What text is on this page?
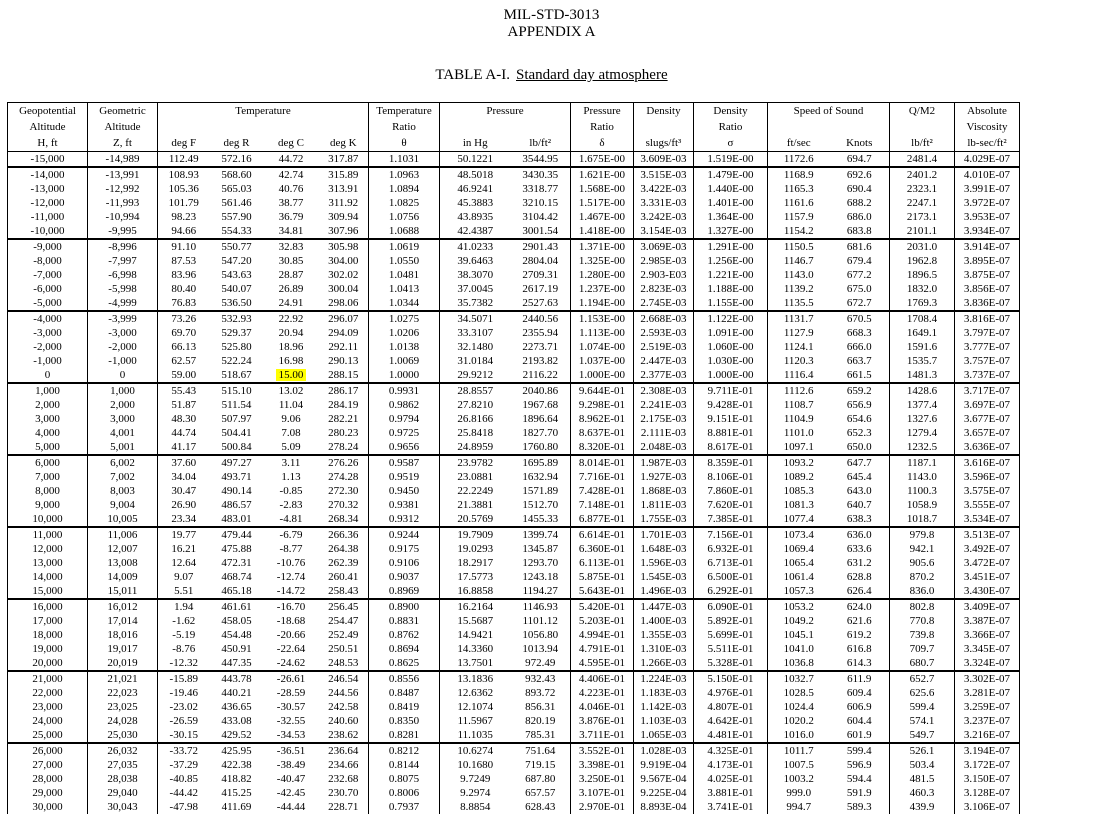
MIL-STD-3013
APPENDIX A
TABLE A-I. Standard day atmosphere
Geopotential	Geometric	Temperature				Temperature	Pressure		Pressure	Density	Density	Speed of Sound		Q/M2	Absolute

Altitude	Altitude					Ratio			Ratio		Ratio				Viscosity
H, ft	Z, ft	deg F	deg R	deg C	deg K	θ	in Hg	lb/ft²	δ	slugs/ft³	σ	ft/sec	Knots	lb/ft²	lb-sec/ft²
-15,000	-14,989	112.49	572.16	44.72	317.87	1.1031	50.1221	3544.95	1.675E-00	3.609E-03	1.519E-00	1172.6	694.7	2481.4	4.029E-07
-14,000	-13,991	108.93	568.60	42.74	315.89	1.0963	48.5018	3430.35	1.621E-00	3.515E-03	1.479E-00	1168.9	692.6	2401.2	4.010E-07
-13,000	-12,992	105.36	565.03	40.76	313.91	1.0894	46.9241	3318.77	1.568E-00	3.422E-03	1.440E-00	1165.3	690.4	2323.1	3.991E-07
-12,000	-11,993	101.79	561.46	38.77	311.92	1.0825	45.3883	3210.15	1.517E-00	3.331E-03	1.401E-00	1161.6	688.2	2247.1	3.972E-07
-11,000	-10,994	98.23	557.90	36.79	309.94	1.0756	43.8935	3104.42	1.467E-00	3.242E-03	1.364E-00	1157.9	686.0	2173.1	3.953E-07
-10,000	-9,995	94.66	554.33	34.81	307.96	1.0688	42.4387	3001.54	1.418E-00	3.154E-03	1.327E-00	1154.2	683.8	2101.1	3.934E-07
-9,000	-8,996	91.10	550.77	32.83	305.98	1.0619	41.0233	2901.43	1.371E-00	3.069E-03	1.291E-00	1150.5	681.6	2031.0	3.914E-07
-8,000	-7,997	87.53	547.20	30.85	304.00	1.0550	39.6463	2804.04	1.325E-00	2.985E-03	1.256E-00	1146.7	679.4	1962.8	3.895E-07
-7,000	-6,998	83.96	543.63	28.87	302.02	1.0481	38.3070	2709.31	1.280E-00	2.903-E03	1.221E-00	1143.0	677.2	1896.5	3.875E-07
-6,000	-5,998	80.40	540.07	26.89	300.04	1.0413	37.0045	2617.19	1.237E-00	2.823E-03	1.188E-00	1139.2	675.0	1832.0	3.856E-07
-5,000	-4,999	76.83	536.50	24.91	298.06	1.0344	35.7382	2527.63	1.194E-00	2.745E-03	1.155E-00	1135.5	672.7	1769.3	3.836E-07
-4,000	-3,999	73.26	532.93	22.92	296.07	1.0275	34.5071	2440.56	1.153E-00	2.668E-03	1.122E-00	1131.7	670.5	1708.4	3.816E-07
-3,000	-3,000	69.70	529.37	20.94	294.09	1.0206	33.3107	2355.94	1.113E-00	2.593E-03	1.091E-00	1127.9	668.3	1649.1	3.797E-07
-2,000	-2,000	66.13	525.80	18.96	292.11	1.0138	32.1480	2273.71	1.074E-00	2.519E-03	1.060E-00	1124.1	666.0	1591.6	3.777E-07
-1,000	-1,000	62.57	522.24	16.98	290.13	1.0069	31.0184	2193.82	1.037E-00	2.447E-03	1.030E-00	1120.3	663.7	1535.7	3.757E-07
0	0	59.00	518.67	15.00	288.15	1.0000	29.9212	2116.22	1.000E-00	2.377E-03	1.000E-00	1116.4	661.5	1481.3	3.737E-07
1,000	1,000	55.43	515.10	13.02	286.17	0.9931	28.8557	2040.86	9.644E-01	2.308E-03	9.711E-01	1112.6	659.2	1428.6	3.717E-07
2,000	2,000	51.87	511.54	11.04	284.19	0.9862	27.8210	1967.68	9.298E-01	2.241E-03	9.428E-01	1108.7	656.9	1377.4	3.697E-07
3,000	3,000	48.30	507.97	9.06	282.21	0.9794	26.8166	1896.64	8.962E-01	2.175E-03	9.151E-01	1104.9	654.6	1327.6	3.677E-07
4,000	4,001	44.74	504.41	7.08	280.23	0.9725	25.8418	1827.70	8.637E-01	2.111E-03	8.881E-01	1101.0	652.3	1279.4	3.657E-07
5,000	5,001	41.17	500.84	5.09	278.24	0.9656	24.8959	1760.80	8.320E-01	2.048E-03	8.617E-01	1097.1	650.0	1232.5	3.636E-07
6,000	6,002	37.60	497.27	3.11	276.26	0.9587	23.9782	1695.89	8.014E-01	1.987E-03	8.359E-01	1093.2	647.7	1187.1	3.616E-07
7,000	7,002	34.04	493.71	1.13	274.28	0.9519	23.0881	1632.94	7.716E-01	1.927E-03	8.106E-01	1089.2	645.4	1143.0	3.596E-07
8,000	8,003	30.47	490.14	-0.85	272.30	0.9450	22.2249	1571.89	7.428E-01	1.868E-03	7.860E-01	1085.3	643.0	1100.3	3.575E-07
9,000	9,004	26.90	486.57	-2.83	270.32	0.9381	21.3881	1512.70	7.148E-01	1.811E-03	7.620E-01	1081.3	640.7	1058.9	3.555E-07
10,000	10,005	23.34	483.01	-4.81	268.34	0.9312	20.5769	1455.33	6.877E-01	1.755E-03	7.385E-01	1077.4	638.3	1018.7	3.534E-07
11,000	11,006	19.77	479.44	-6.79	266.36	0.9244	19.7909	1399.74	6.614E-01	1.701E-03	7.156E-01	1073.4	636.0	979.8	3.513E-07
12,000	12,007	16.21	475.88	-8.77	264.38	0.9175	19.0293	1345.87	6.360E-01	1.648E-03	6.932E-01	1069.4	633.6	942.1	3.492E-07
13,000	13,008	12.64	472.31	-10.76	262.39	0.9106	18.2917	1293.70	6.113E-01	1.596E-03	6.713E-01	1065.4	631.2	905.6	3.472E-07
14,000	14,009	9.07	468.74	-12.74	260.41	0.9037	17.5773	1243.18	5.875E-01	1.545E-03	6.500E-01	1061.4	628.8	870.2	3.451E-07
15,000	15,011	5.51	465.18	-14.72	258.43	0.8969	16.8858	1194.27	5.643E-01	1.496E-03	6.292E-01	1057.3	626.4	836.0	3.430E-07
16,000	16,012	1.94	461.61	-16.70	256.45	0.8900	16.2164	1146.93	5.420E-01	1.447E-03	6.090E-01	1053.2	624.0	802.8	3.409E-07
17,000	17,014	-1.62	458.05	-18.68	254.47	0.8831	15.5687	1101.12	5.203E-01	1.400E-03	5.892E-01	1049.2	621.6	770.8	3.387E-07
18,000	18,016	-5.19	454.48	-20.66	252.49	0.8762	14.9421	1056.80	4.994E-01	1.355E-03	5.699E-01	1045.1	619.2	739.8	3.366E-07
19,000	19,017	-8.76	450.91	-22.64	250.51	0.8694	14.3360	1013.94	4.791E-01	1.310E-03	5.511E-01	1041.0	616.8	709.7	3.345E-07
20,000	20,019	-12.32	447.35	-24.62	248.53	0.8625	13.7501	972.49	4.595E-01	1.266E-03	5.328E-01	1036.8	614.3	680.7	3.324E-07
21,000	21,021	-15.89	443.78	-26.61	246.54	0.8556	13.1836	932.43	4.406E-01	1.224E-03	5.150E-01	1032.7	611.9	652.7	3.302E-07
22,000	22,023	-19.46	440.21	-28.59	244.56	0.8487	12.6362	893.72	4.223E-01	1.183E-03	4.976E-01	1028.5	609.4	625.6	3.281E-07
23,000	23,025	-23.02	436.65	-30.57	242.58	0.8419	12.1074	856.31	4.046E-01	1.142E-03	4.807E-01	1024.4	606.9	599.4	3.259E-07
24,000	24,028	-26.59	433.08	-32.55	240.60	0.8350	11.5967	820.19	3.876E-01	1.103E-03	4.642E-01	1020.2	604.4	574.1	3.237E-07
25,000	25,030	-30.15	429.52	-34.53	238.62	0.8281	11.1035	785.31	3.711E-01	1.065E-03	4.481E-01	1016.0	601.9	549.7	3.216E-07
26,000	26,032	-33.72	425.95	-36.51	236.64	0.8212	10.6274	751.64	3.552E-01	1.028E-03	4.325E-01	1011.7	599.4	526.1	3.194E-07
27,000	27,035	-37.29	422.38	-38.49	234.66	0.8144	10.1680	719.15	3.398E-01	9.919E-04	4.173E-01	1007.5	596.9	503.4	3.172E-07
28,000	28,038	-40.85	418.82	-40.47	232.68	0.8075	9.7249	687.80	3.250E-01	9.567E-04	4.025E-01	1003.2	594.4	481.5	3.150E-07
29,000	29,040	-44.42	415.25	-42.45	230.70	0.8006	9.2974	657.57	3.107E-01	9.225E-04	3.881E-01	999.0	591.9	460.3	3.128E-07
30,000	30,043	-47.98	411.69	-44.44	228.71	0.7937	8.8854	628.43	2.970E-01	8.893E-04	3.741E-01	994.7	589.3	439.9	3.106E-07
